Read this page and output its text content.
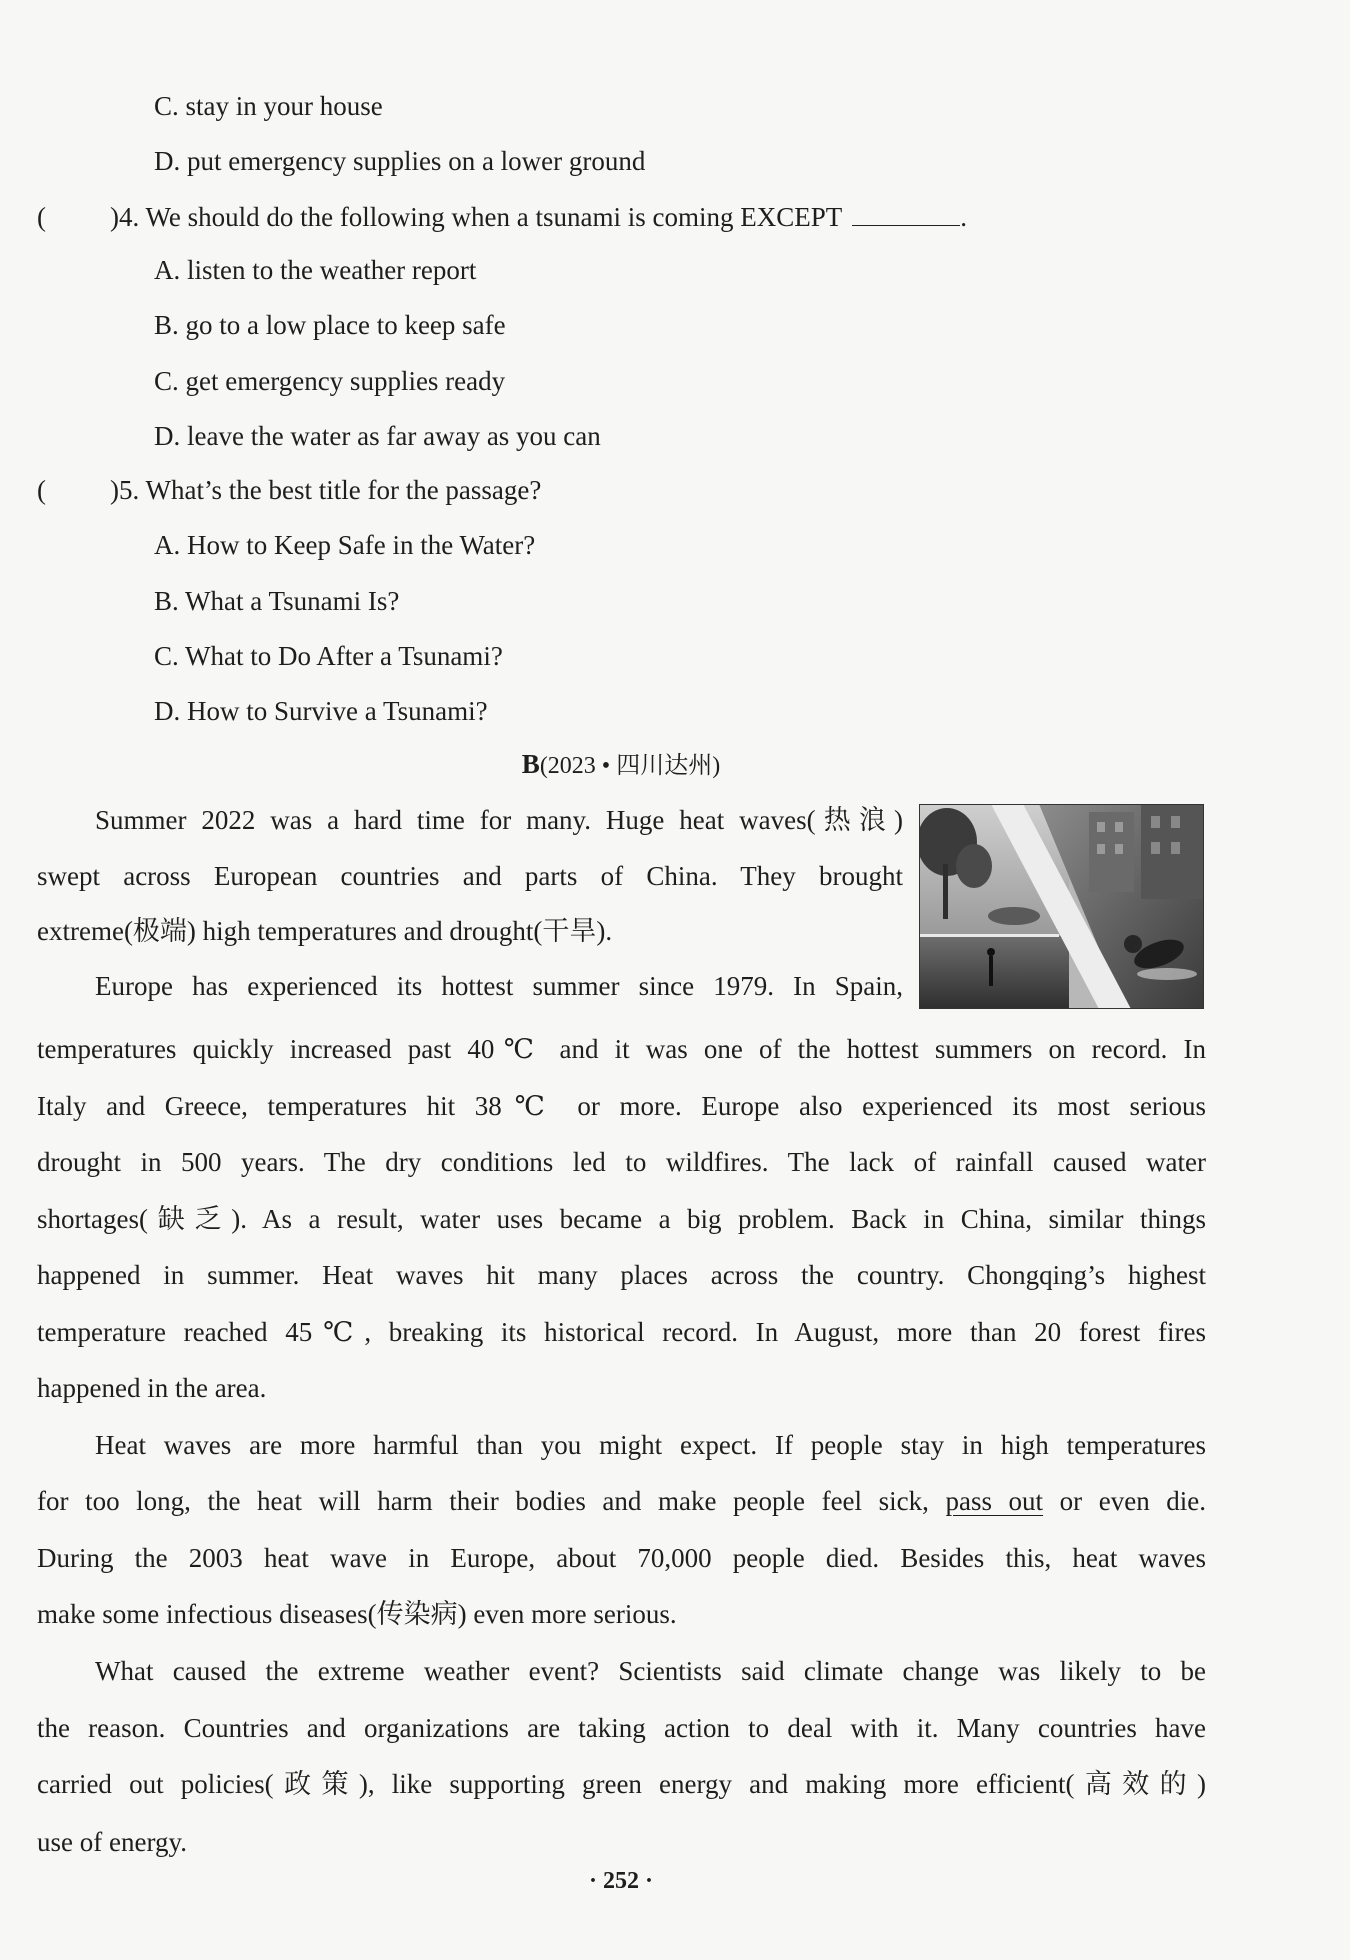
C. stay in your house
D. put emergency supplies on a lower ground
( )4. We should do the following when a tsunami is coming EXCEPT	.
A. listen to the weather report
B. go to a low place to keep safe
C. get emergency supplies ready
D. leave the water as far away as you can
( )5. What’s the best title for the passage?
A. How to Keep Safe in the Water?
B. What a Tsunami Is?
C. What to Do After a Tsunami?
D. How to Survive a Tsunami?
B(2023 • 四川达州)
Summer 2022 was a hard time for many. Huge heat waves(热浪)
swept across European countries and parts of China. They brought
extreme(极端) high temperatures and drought(干旱).
Europe has experienced its hottest summer since 1979. In Spain,
temperatures quickly increased past 40℃ and it was one of the hottest summers on record. In
Italy and Greece, temperatures hit 38℃ or more. Europe also experienced its most serious
drought in 500 years. The dry conditions led to wildfires. The lack of rainfall caused water
shortages(缺乏). As a result, water uses became a big problem. Back in China, similar things
happened in summer. Heat waves hit many places across the country. Chongqing’s highest
temperature reached 45℃, breaking its historical record. In August, more than 20 forest fires
happened in the area.
Heat waves are more harmful than you might expect. If people stay in high temperatures
for too long, the heat will harm their bodies and make people feel sick, pass out or even die.
During the 2003 heat wave in Europe, about 70,000 people died. Besides this, heat waves
make some infectious diseases(传染病) even more serious.
What caused the extreme weather event? Scientists said climate change was likely to be
the reason. Countries and organizations are taking action to deal with it. Many countries have
carried out policies(政策), like supporting green energy and making more efficient(高效的)
use of energy.
· 252 ·
